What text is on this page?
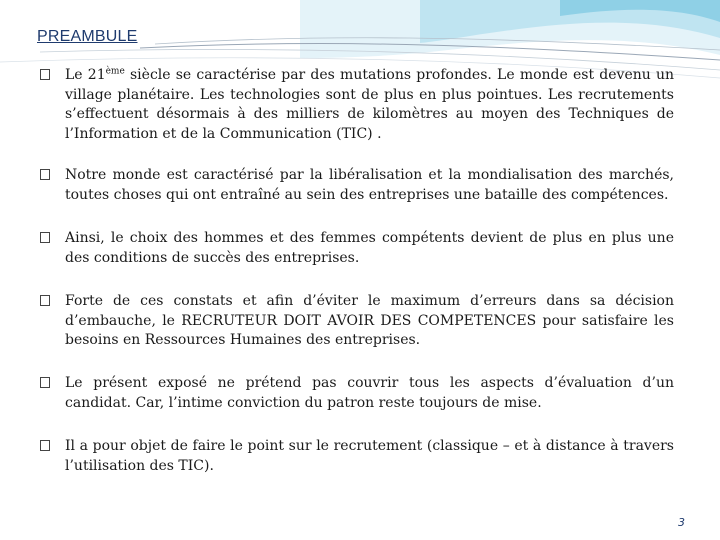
PREAMBULE

Le 21ème siècle se caractérise par des mutations profondes. Le monde est devenu un village planétaire. Les technologies sont de plus en plus pointues. Les recrutements s’effectuent désormais à des milliers de kilomètres au moyen des Techniques de l’Information et de la Communication (TIC) .

Notre monde est caractérisé par la libéralisation et la mondialisation des marchés, toutes choses qui ont entraîné au sein des entreprises une bataille des compétences.

Ainsi, le choix des hommes et des femmes compétents devient de plus en plus une des conditions de succès des entreprises.

Forte de ces constats et afin d’éviter le maximum d’erreurs dans sa décision d’embauche, le RECRUTEUR DOIT AVOIR DES COMPETENCES pour satisfaire les besoins en Ressources Humaines des entreprises.

Le présent exposé ne prétend pas couvrir tous les aspects d’évaluation d’un candidat. Car, l’intime conviction du patron reste toujours de mise.

Il a pour objet de faire le point sur le recrutement (classique – et à distance à travers l’utilisation des TIC).

3
